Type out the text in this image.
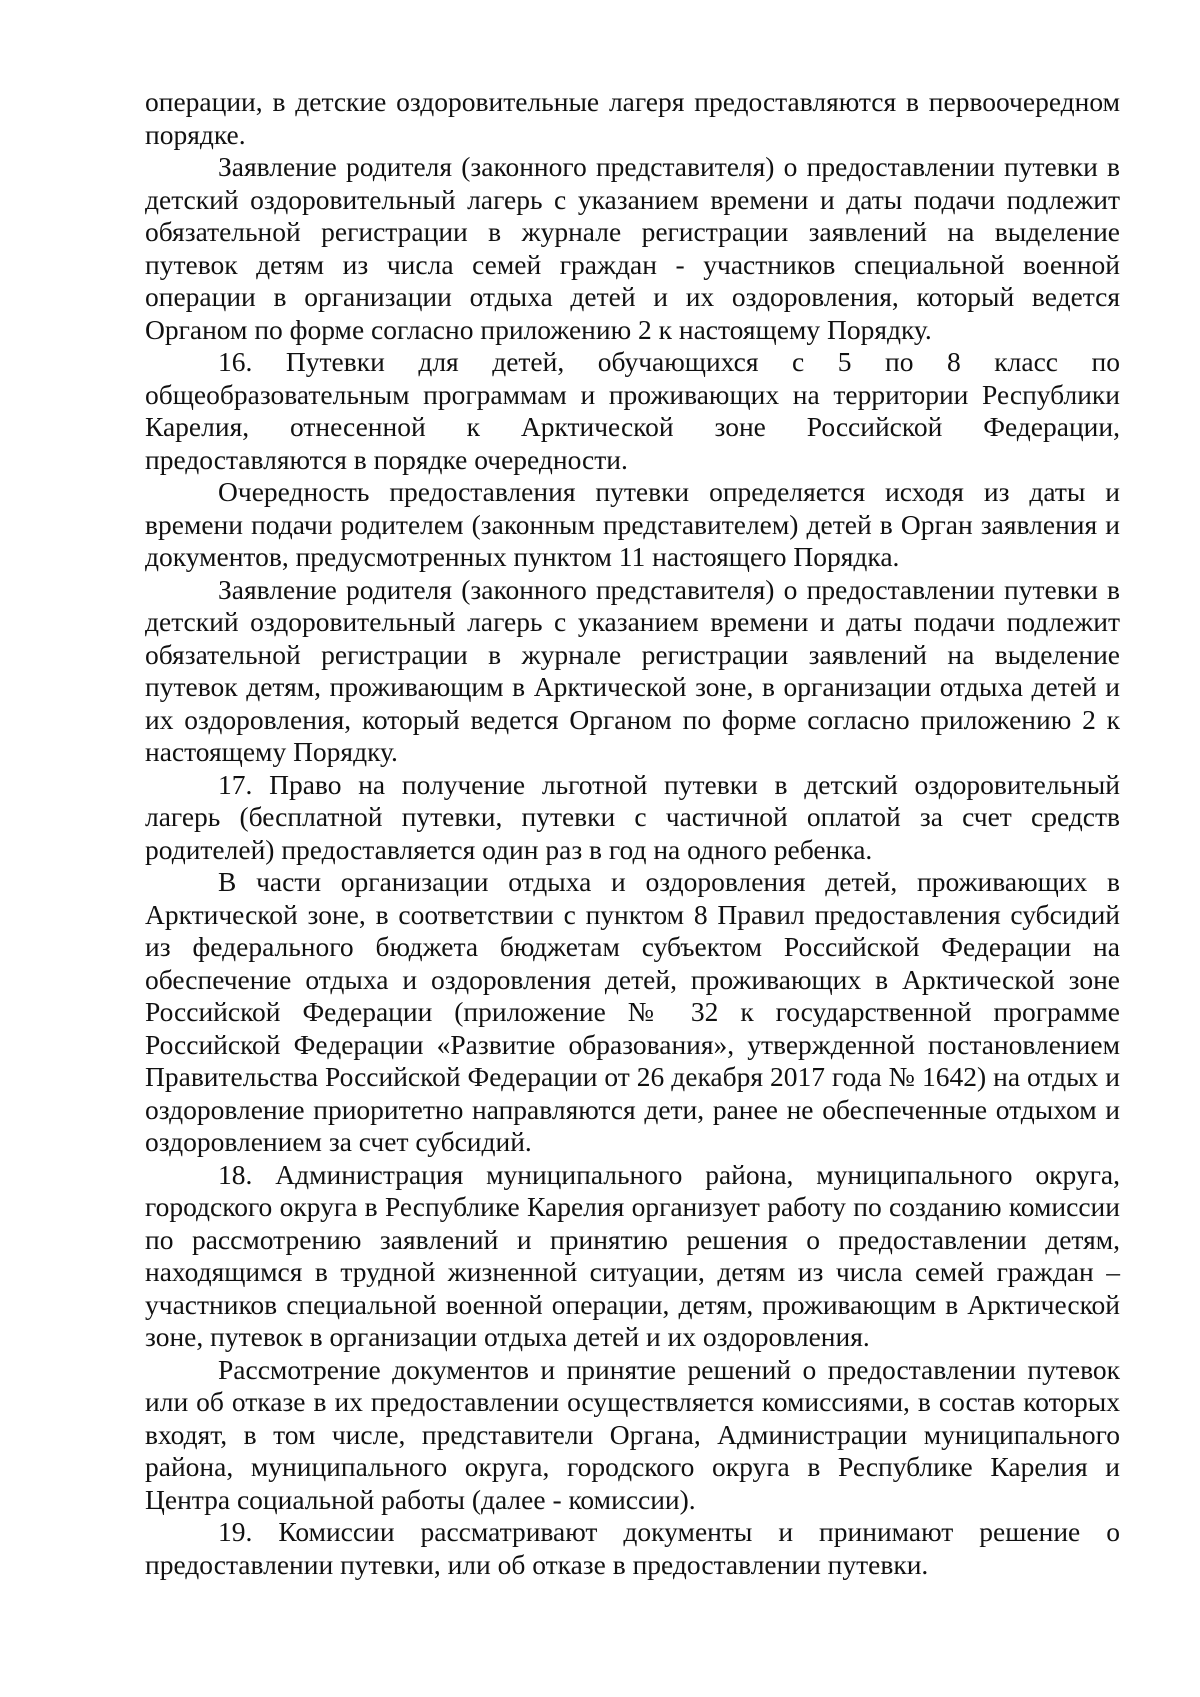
операции, в детские оздоровительные лагеря предоставляются в первоочередном порядке.

Заявление родителя (законного представителя) о предоставлении путевки в детский оздоровительный лагерь с указанием времени и даты подачи подлежит обязательной регистрации в журнале регистрации заявлений на выделение путевок детям из числа семей граждан - участников специальной военной операции в организации отдыха детей и их оздоровления, который ведется Органом по форме согласно приложению 2 к настоящему Порядку.

16. Путевки для детей, обучающихся с 5 по 8 класс по общеобразовательным программам и проживающих на территории Республики Карелия, отнесенной к Арктической зоне Российской Федерации, предоставляются в порядке очередности.

Очередность предоставления путевки определяется исходя из даты и времени подачи родителем (законным представителем) детей в Орган заявления и документов, предусмотренных пунктом 11 настоящего Порядка.

Заявление родителя (законного представителя) о предоставлении путевки в детский оздоровительный лагерь с указанием времени и даты подачи подлежит обязательной регистрации в журнале регистрации заявлений на выделение путевок детям, проживающим в Арктической зоне, в организации отдыха детей и их оздоровления, который ведется Органом по форме согласно приложению 2 к настоящему Порядку.

17. Право на получение льготной путевки в детский оздоровительный лагерь (бесплатной путевки, путевки с частичной оплатой за счет средств родителей) предоставляется один раз в год на одного ребенка.

В части организации отдыха и оздоровления детей, проживающих в Арктической зоне, в соответствии с пунктом 8 Правил предоставления субсидий из федерального бюджета бюджетам субъектом Российской Федерации на обеспечение отдыха и оздоровления детей, проживающих в Арктической зоне Российской Федерации (приложение № 32 к государственной программе Российской Федерации «Развитие образования», утвержденной постановлением Правительства Российской Федерации от 26 декабря 2017 года № 1642) на отдых и оздоровление приоритетно направляются дети, ранее не обеспеченные отдыхом и оздоровлением за счет субсидий.

18. Администрация муниципального района, муниципального округа, городского округа в Республике Карелия организует работу по созданию комиссии по рассмотрению заявлений и принятию решения о предоставлении детям, находящимся в трудной жизненной ситуации, детям из числа семей граждан – участников специальной военной операции, детям, проживающим в Арктической зоне, путевок в организации отдыха детей и их оздоровления.

Рассмотрение документов и принятие решений о предоставлении путевок или об отказе в их предоставлении осуществляется комиссиями, в состав которых входят, в том числе, представители Органа, Администрации муниципального района, муниципального округа, городского округа в Республике Карелия и Центра социальной работы (далее - комиссии).

19. Комиссии рассматривают документы и принимают решение о предоставлении путевки, или об отказе в предоставлении путевки.
